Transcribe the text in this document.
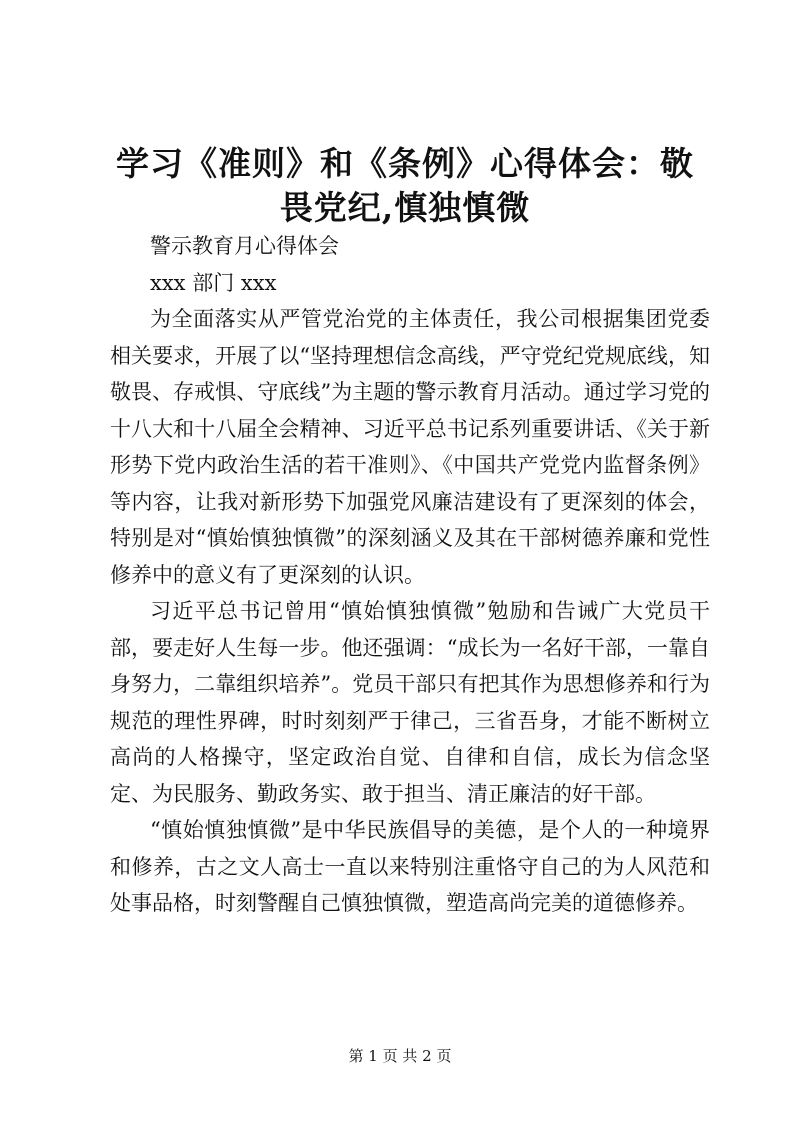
学习《准则》和《条例》心得体会：敬畏党纪,慎独慎微

警示教育月心得体会

xxx 部门 xxx

为全面落实从严管党治党的主体责任，我公司根据集团党委相关要求，开展了以“坚持理想信念高线，严守党纪党规底线，知敬畏、存戒惧、守底线”为主题的警示教育月活动。通过学习党的十八大和十八届全会精神、习近平总书记系列重要讲话、《关于新形势下党内政治生活的若干准则》、《中国共产党党内监督条例》等内容，让我对新形势下加强党风廉洁建设有了更深刻的体会，特别是对“慎始慎独慎微”的深刻涵义及其在干部树德养廉和党性修养中的意义有了更深刻的认识。

习近平总书记曾用“慎始慎独慎微”勉励和告诫广大党员干部，要走好人生每一步。他还强调：“成长为一名好干部，一靠自身努力，二靠组织培养”。党员干部只有把其作为思想修养和行为规范的理性界碑，时时刻刻严于律己，三省吾身，才能不断树立高尚的人格操守，坚定政治自觉、自律和自信，成长为信念坚定、为民服务、勤政务实、敢于担当、清正廉洁的好干部。

“慎始慎独慎微”是中华民族倡导的美德，是个人的一种境界和修养，古之文人高士一直以来特别注重恪守自己的为人风范和处事品格，时刻警醒自己慎独慎微，塑造高尚完美的道德修养。

第 1 页 共 2 页
